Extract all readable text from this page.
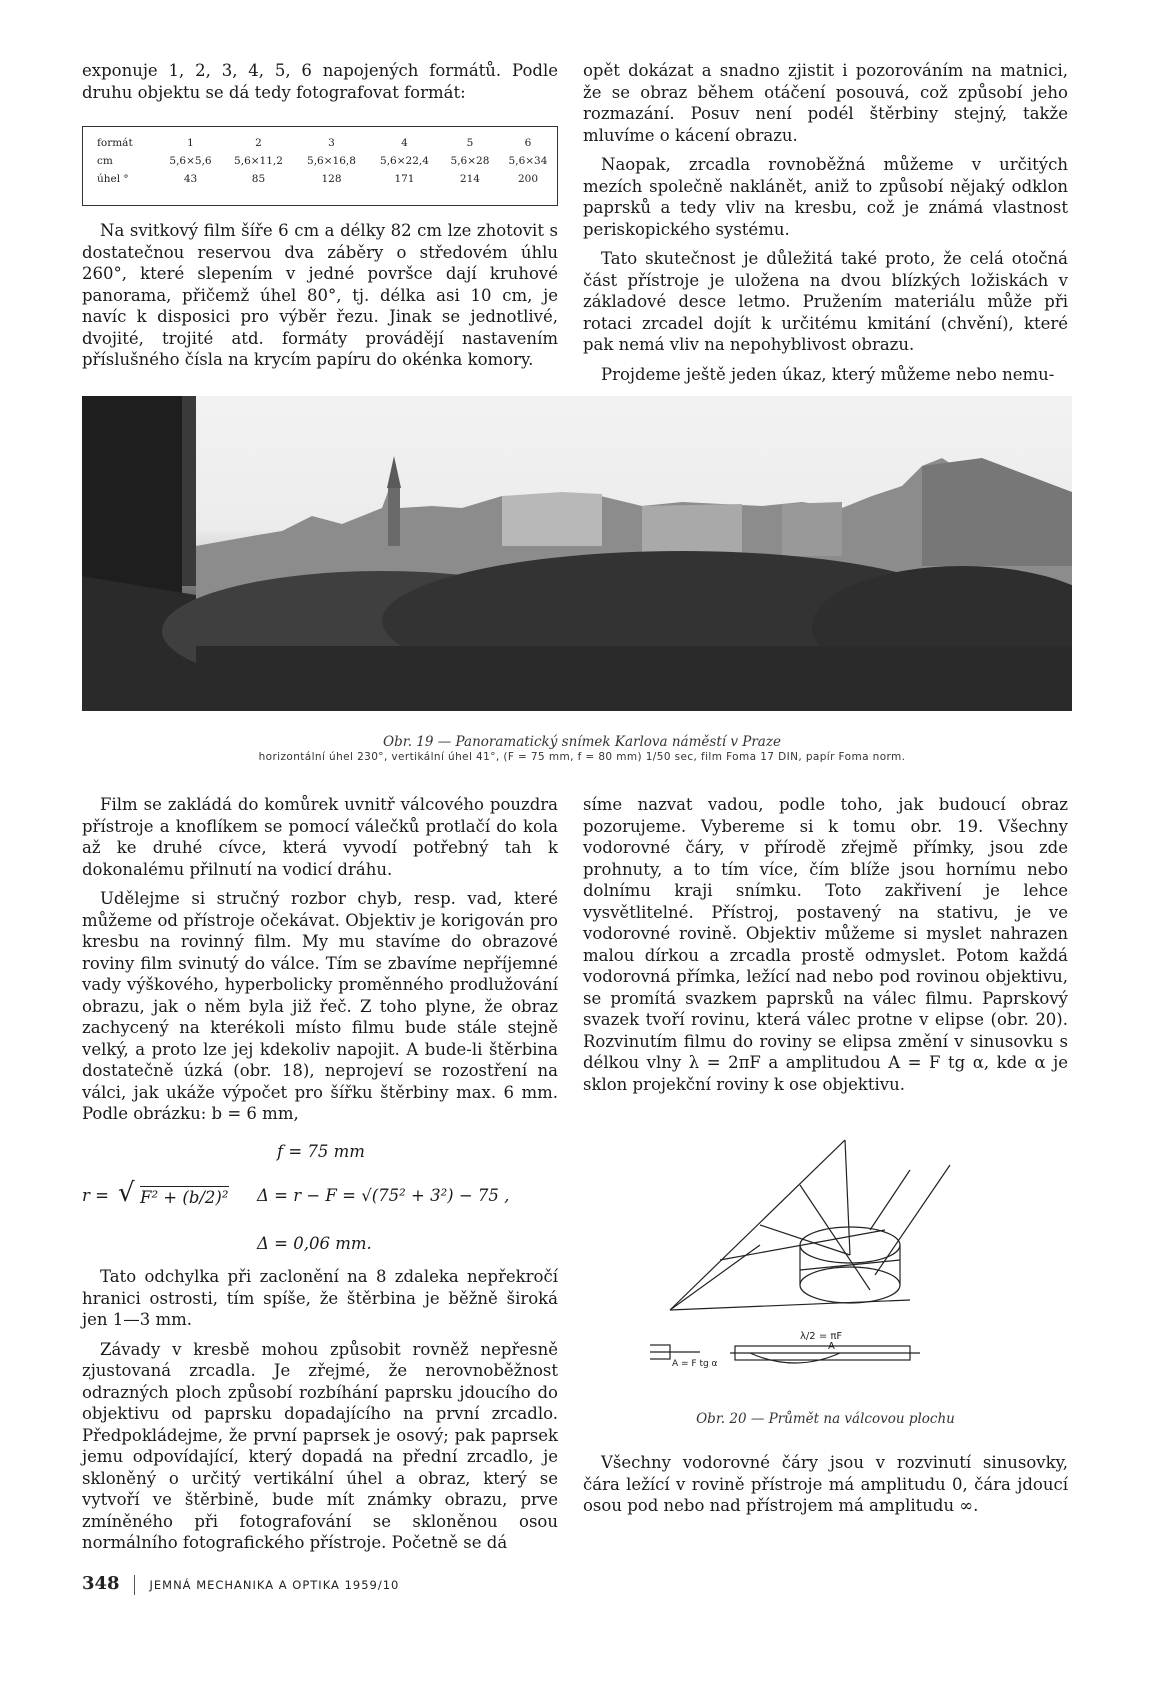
exponuje 1, 2, 3, 4, 5, 6 napojených formátů. Podle druhu objektu se dá tedy fotografovat formát:

formát	1	2	3	4	5	6
cm	5,6×5,6	5,6×11,2	5,6×16,8	5,6×22,4	5,6×28	5,6×34
úhel °	43	85	128	171	214	200

Na svitkový film šíře 6 cm a délky 82 cm lze zhotovit s dostatečnou reservou dva záběry o středovém úhlu 260°, které slepením v jedné površce dají kruhové panorama, přičemž úhel 80°, tj. délka asi 10 cm, je navíc k disposici pro výběr řezu. Jinak se jednotlivé, dvojité, trojité atd. formáty provádějí nastavením příslušného čísla na krycím papíru do okénka komory.

opět dokázat a snadno zjistit i pozorováním na matnici, že se obraz během otáčení posouvá, což způsobí jeho rozmazání. Posuv není podél štěrbiny stejný, takže mluvíme o kácení obrazu.

Naopak, zrcadla rovnoběžná můžeme v určitých mezích společně naklánět, aniž to způsobí nějaký odklon paprsků a tedy vliv na kresbu, což je známá vlastnost periskopického systému.

Tato skutečnost je důležitá také proto, že celá otočná část přístroje je uložena na dvou blízkých ložiskách v základové desce letmo. Pružením materiálu může při rotaci zrcadel dojít k určitému kmitání (chvění), které pak nemá vliv na nepohyblivost obrazu.

Projdeme ještě jeden úkaz, který můžeme nebo nemu-

Obr. 19 — Panoramatický snímek Karlova náměstí v Praze
horizontální úhel 230°, vertikální úhel 41°, (F = 75 mm, f = 80 mm) 1/50 sec, film Foma 17 DIN, papír Foma norm.

Film se zakládá do komůrek uvnitř válcového pouzdra přístroje a knoflíkem se pomocí válečků protlačí do kola až ke druhé cívce, která vyvodí potřebný tah k dokonalému přilnutí na vodicí dráhu.

Udělejme si stručný rozbor chyb, resp. vad, které můžeme od přístroje očekávat. Objektiv je korigován pro kresbu na rovinný film. My mu stavíme do obrazové roviny film svinutý do válce. Tím se zbavíme nepříjemné vady výškového, hyperbolicky proměnného prodlužování obrazu, jak o něm byla již řeč. Z toho plyne, že obraz zachycený na kterékoli místo filmu bude stále stejně velký, a proto lze jej kdekoliv napojit. A bude-li štěrbina dostatečně úzká (obr. 18), neprojeví se rozostření na válci, jak ukáže výpočet pro šířku štěrbiny max. 6 mm. Podle obrázku: b = 6 mm,

f = 75 mm
r = √ F² + (b/2)² Δ = r − F = √(75² + 3²) − 75 ,
Δ = 0,06 mm.

Tato odchylka při zaclonění na 8 zdaleka nepřekročí hranici ostrosti, tím spíše, že štěrbina je běžně široká jen 1—3 mm.

Závady v kresbě mohou způsobit rovněž nepřesně zjustovaná zrcadla. Je zřejmé, že nerovnoběžnost odrazných ploch způsobí rozbíhání paprsku jdoucího do objektivu od paprsku dopadajícího na první zrcadlo. Předpokládejme, že první paprsek je osový; pak paprsek jemu odpovídající, který dopadá na přední zrcadlo, je skloněný o určitý vertikální úhel a obraz, který se vytvoří ve štěrbině, bude mít známky obrazu, prve zmíněného při fotografování se skloněnou osou normálního fotografického přístroje. Početně se dá

síme nazvat vadou, podle toho, jak budoucí obraz pozorujeme. Vybereme si k tomu obr. 19. Všechny vodorovné čáry, v přírodě zřejmě přímky, jsou zde prohnuty, a to tím více, čím blíže jsou hornímu nebo dolnímu kraji snímku. Toto zakřivení je lehce vysvětlitelné. Přístroj, postavený na stativu, je ve vodorovné rovině. Objektiv můžeme si myslet nahrazen malou dírkou a zrcadla prostě odmyslet. Potom každá vodorovná přímka, ležící nad nebo pod rovinou objektivu, se promítá svazkem paprsků na válec filmu. Paprskový svazek tvoří rovinu, která válec protne v elipse (obr. 20). Rozvinutím filmu do roviny se elipsa změní v sinusovku s délkou vlny λ = 2πF a amplitudou A = F tg α, kde α je sklon projekční roviny k ose objektivu.

λ/2 = πF
A = F tg α
A
Obr. 20 — Průmět na válcovou plochu

Všechny vodorovné čáry jsou v rozvinutí sinusovky, čára ležící v rovině přístroje má amplitudu 0, čára jdoucí osou pod nebo nad přístrojem má amplitudu ∞.

348	JEMNÁ MECHANIKA A OPTIKA 1959/10
